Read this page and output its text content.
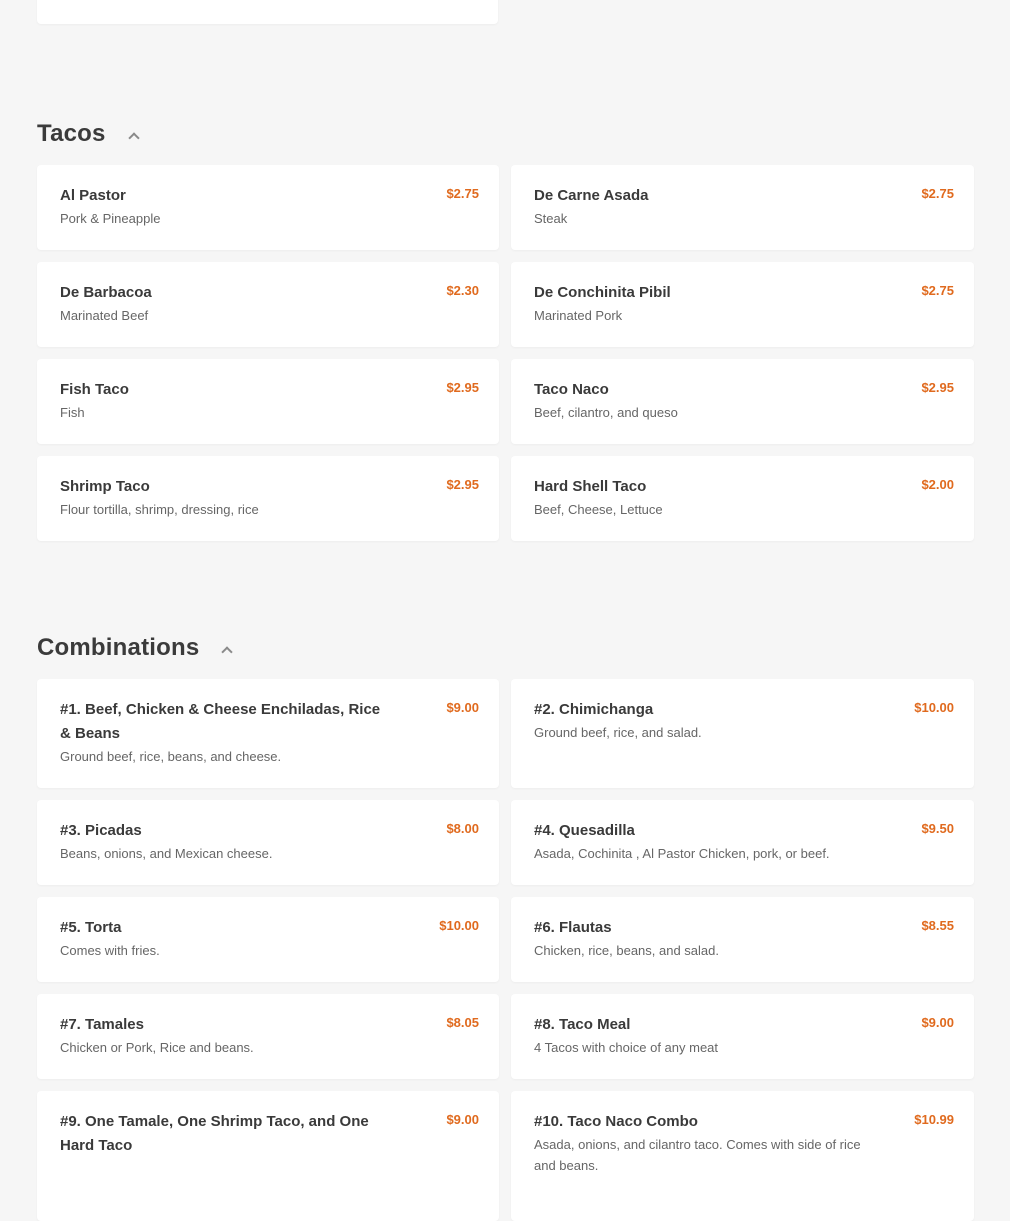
Tacos
Al Pastor
Pork & Pineapple
$2.75	De Carne Asada
Steak
$2.75
De Barbacoa
Marinated Beef
$2.30	De Conchinita Pibil
Marinated Pork
$2.75
Fish Taco
Fish
$2.95	Taco Naco
Beef, cilantro, and queso
$2.95
Shrimp Taco
Flour tortilla, shrimp, dressing, rice
$2.95	Hard Shell Taco
Beef, Cheese, Lettuce
$2.00
Combinations
#1. Beef, Chicken & Cheese Enchiladas, Rice & Beans
Ground beef, rice, beans, and cheese.
$9.00	#2. Chimichanga
Ground beef, rice, and salad.
$10.00
#3. Picadas
Beans, onions, and Mexican cheese.
$8.00	#4. Quesadilla
Asada, Cochinita , Al Pastor Chicken, pork, or beef.
$9.50
#5. Torta
Comes with fries.
$10.00	#6. Flautas
Chicken, rice, beans, and salad.
$8.55
#7. Tamales
Chicken or Pork, Rice and beans.
$8.05	#8. Taco Meal
4 Tacos with choice of any meat
$9.00
#9. One Tamale, One Shrimp Taco, and One Hard Taco
$9.00	#10. Taco Naco Combo
Asada, onions, and cilantro taco. Comes with side of rice and beans.
$10.99
